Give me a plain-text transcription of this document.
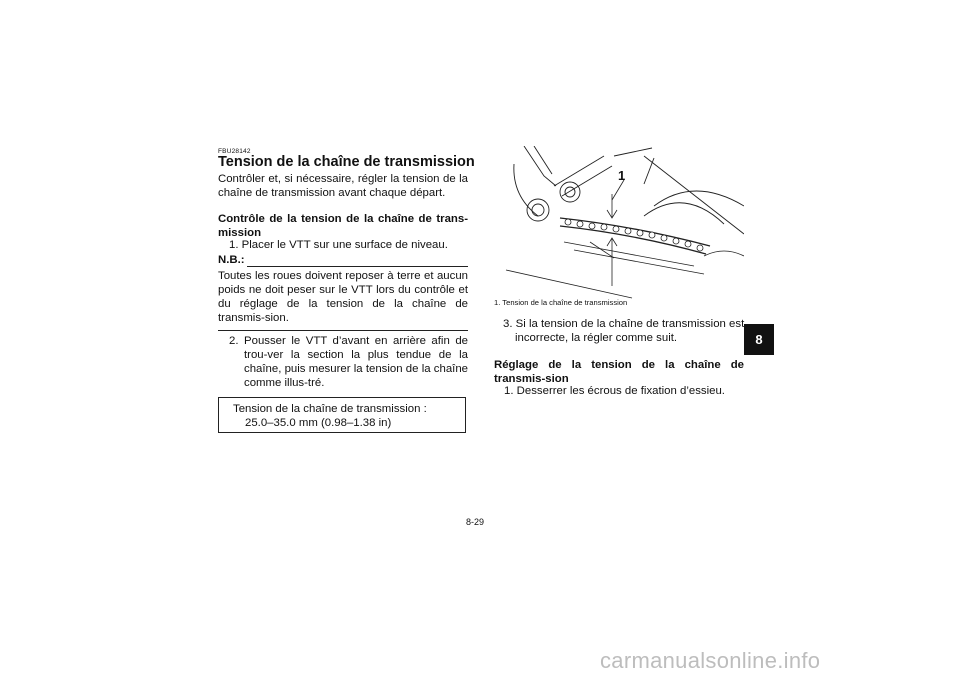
FBU28142
Tension de la chaîne de transmission
Contrôler et, si nécessaire, régler la tension de la chaîne de transmission avant chaque départ.
Contrôle de la tension de la chaîne de trans-mission
1. Placer le VTT sur une surface de niveau.
N.B.:
Toutes les roues doivent reposer à terre et aucun poids ne doit peser sur le VTT lors du contrôle et du réglage de la tension de la chaîne de transmis-sion.
2. Pousser le VTT d’avant en arrière afin de trou-ver la section la plus tendue de la chaîne, puis mesurer la tension de la chaîne comme illus-tré.
Tension de la chaîne de transmission :
25.0–35.0 mm (0.98–1.38 in)
1
1. Tension de la chaîne de transmission
3. Si la tension de la chaîne de transmission est incorrecte, la régler comme suit.
Réglage de la tension de la chaîne de transmis-sion
1. Desserrer les écrous de fixation d’essieu.
8
8-29
carmanualsonline.info
